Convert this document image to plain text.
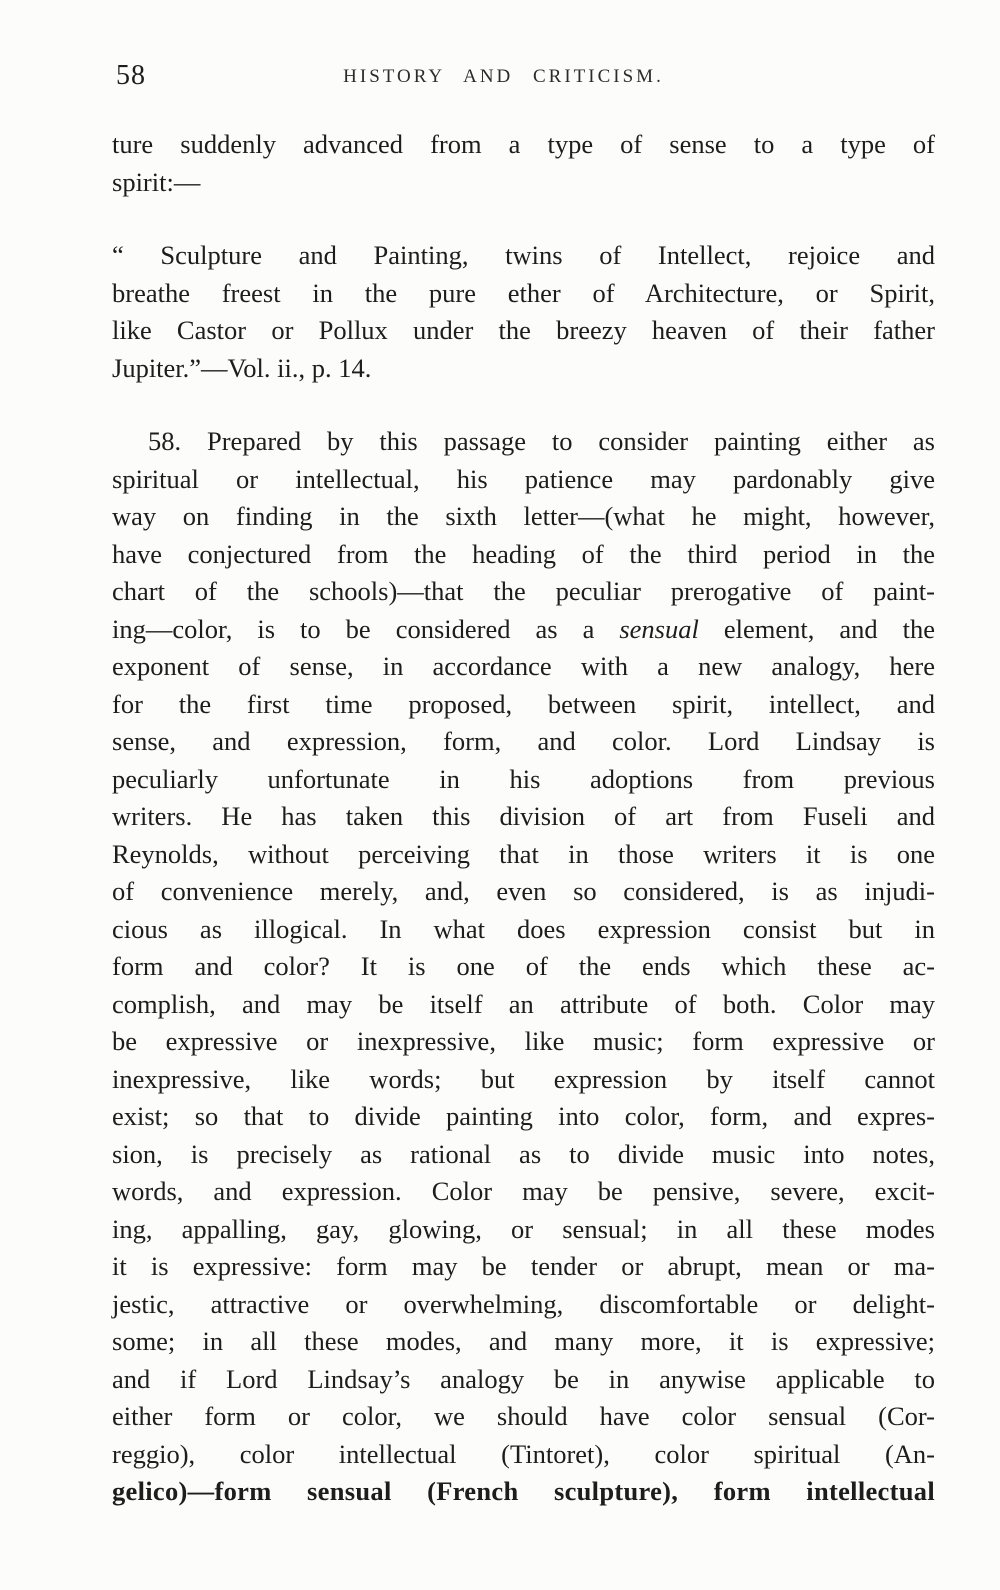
58	HISTORY AND CRITICISM.
ture suddenly advanced from a type of sense to a type of
spirit:—
“ Sculpture and Painting, twins of Intellect, rejoice and
breathe freest in the pure ether of Architecture, or Spirit,
like Castor or Pollux under the breezy heaven of their father
Jupiter.”—Vol. ii., p. 14.
58. Prepared by this passage to consider painting either as
spiritual or intellectual, his patience may pardonably give
way on finding in the sixth letter—(what he might, however,
have conjectured from the heading of the third period in the
chart of the schools)—that the peculiar prerogative of paint-
ing—color, is to be considered as a sensual element, and the
exponent of sense, in accordance with a new analogy, here
for the first time proposed, between spirit, intellect, and
sense, and expression, form, and color. Lord Lindsay is
peculiarly unfortunate in his adoptions from previous
writers. He has taken this division of art from Fuseli and
Reynolds, without perceiving that in those writers it is one
of convenience merely, and, even so considered, is as injudi-
cious as illogical. In what does expression consist but in
form and color? It is one of the ends which these ac-
complish, and may be itself an attribute of both. Color may
be expressive or inexpressive, like music; form expressive or
inexpressive, like words; but expression by itself cannot
exist; so that to divide painting into color, form, and expres-
sion, is precisely as rational as to divide music into notes,
words, and expression. Color may be pensive, severe, excit-
ing, appalling, gay, glowing, or sensual; in all these modes
it is expressive: form may be tender or abrupt, mean or ma-
jestic, attractive or overwhelming, discomfortable or delight-
some; in all these modes, and many more, it is expressive;
and if Lord Lindsay’s analogy be in anywise applicable to
either form or color, we should have color sensual (Cor-
reggio), color intellectual (Tintoret), color spiritual (An-
gelico)—form sensual (French sculpture), form intellectual
